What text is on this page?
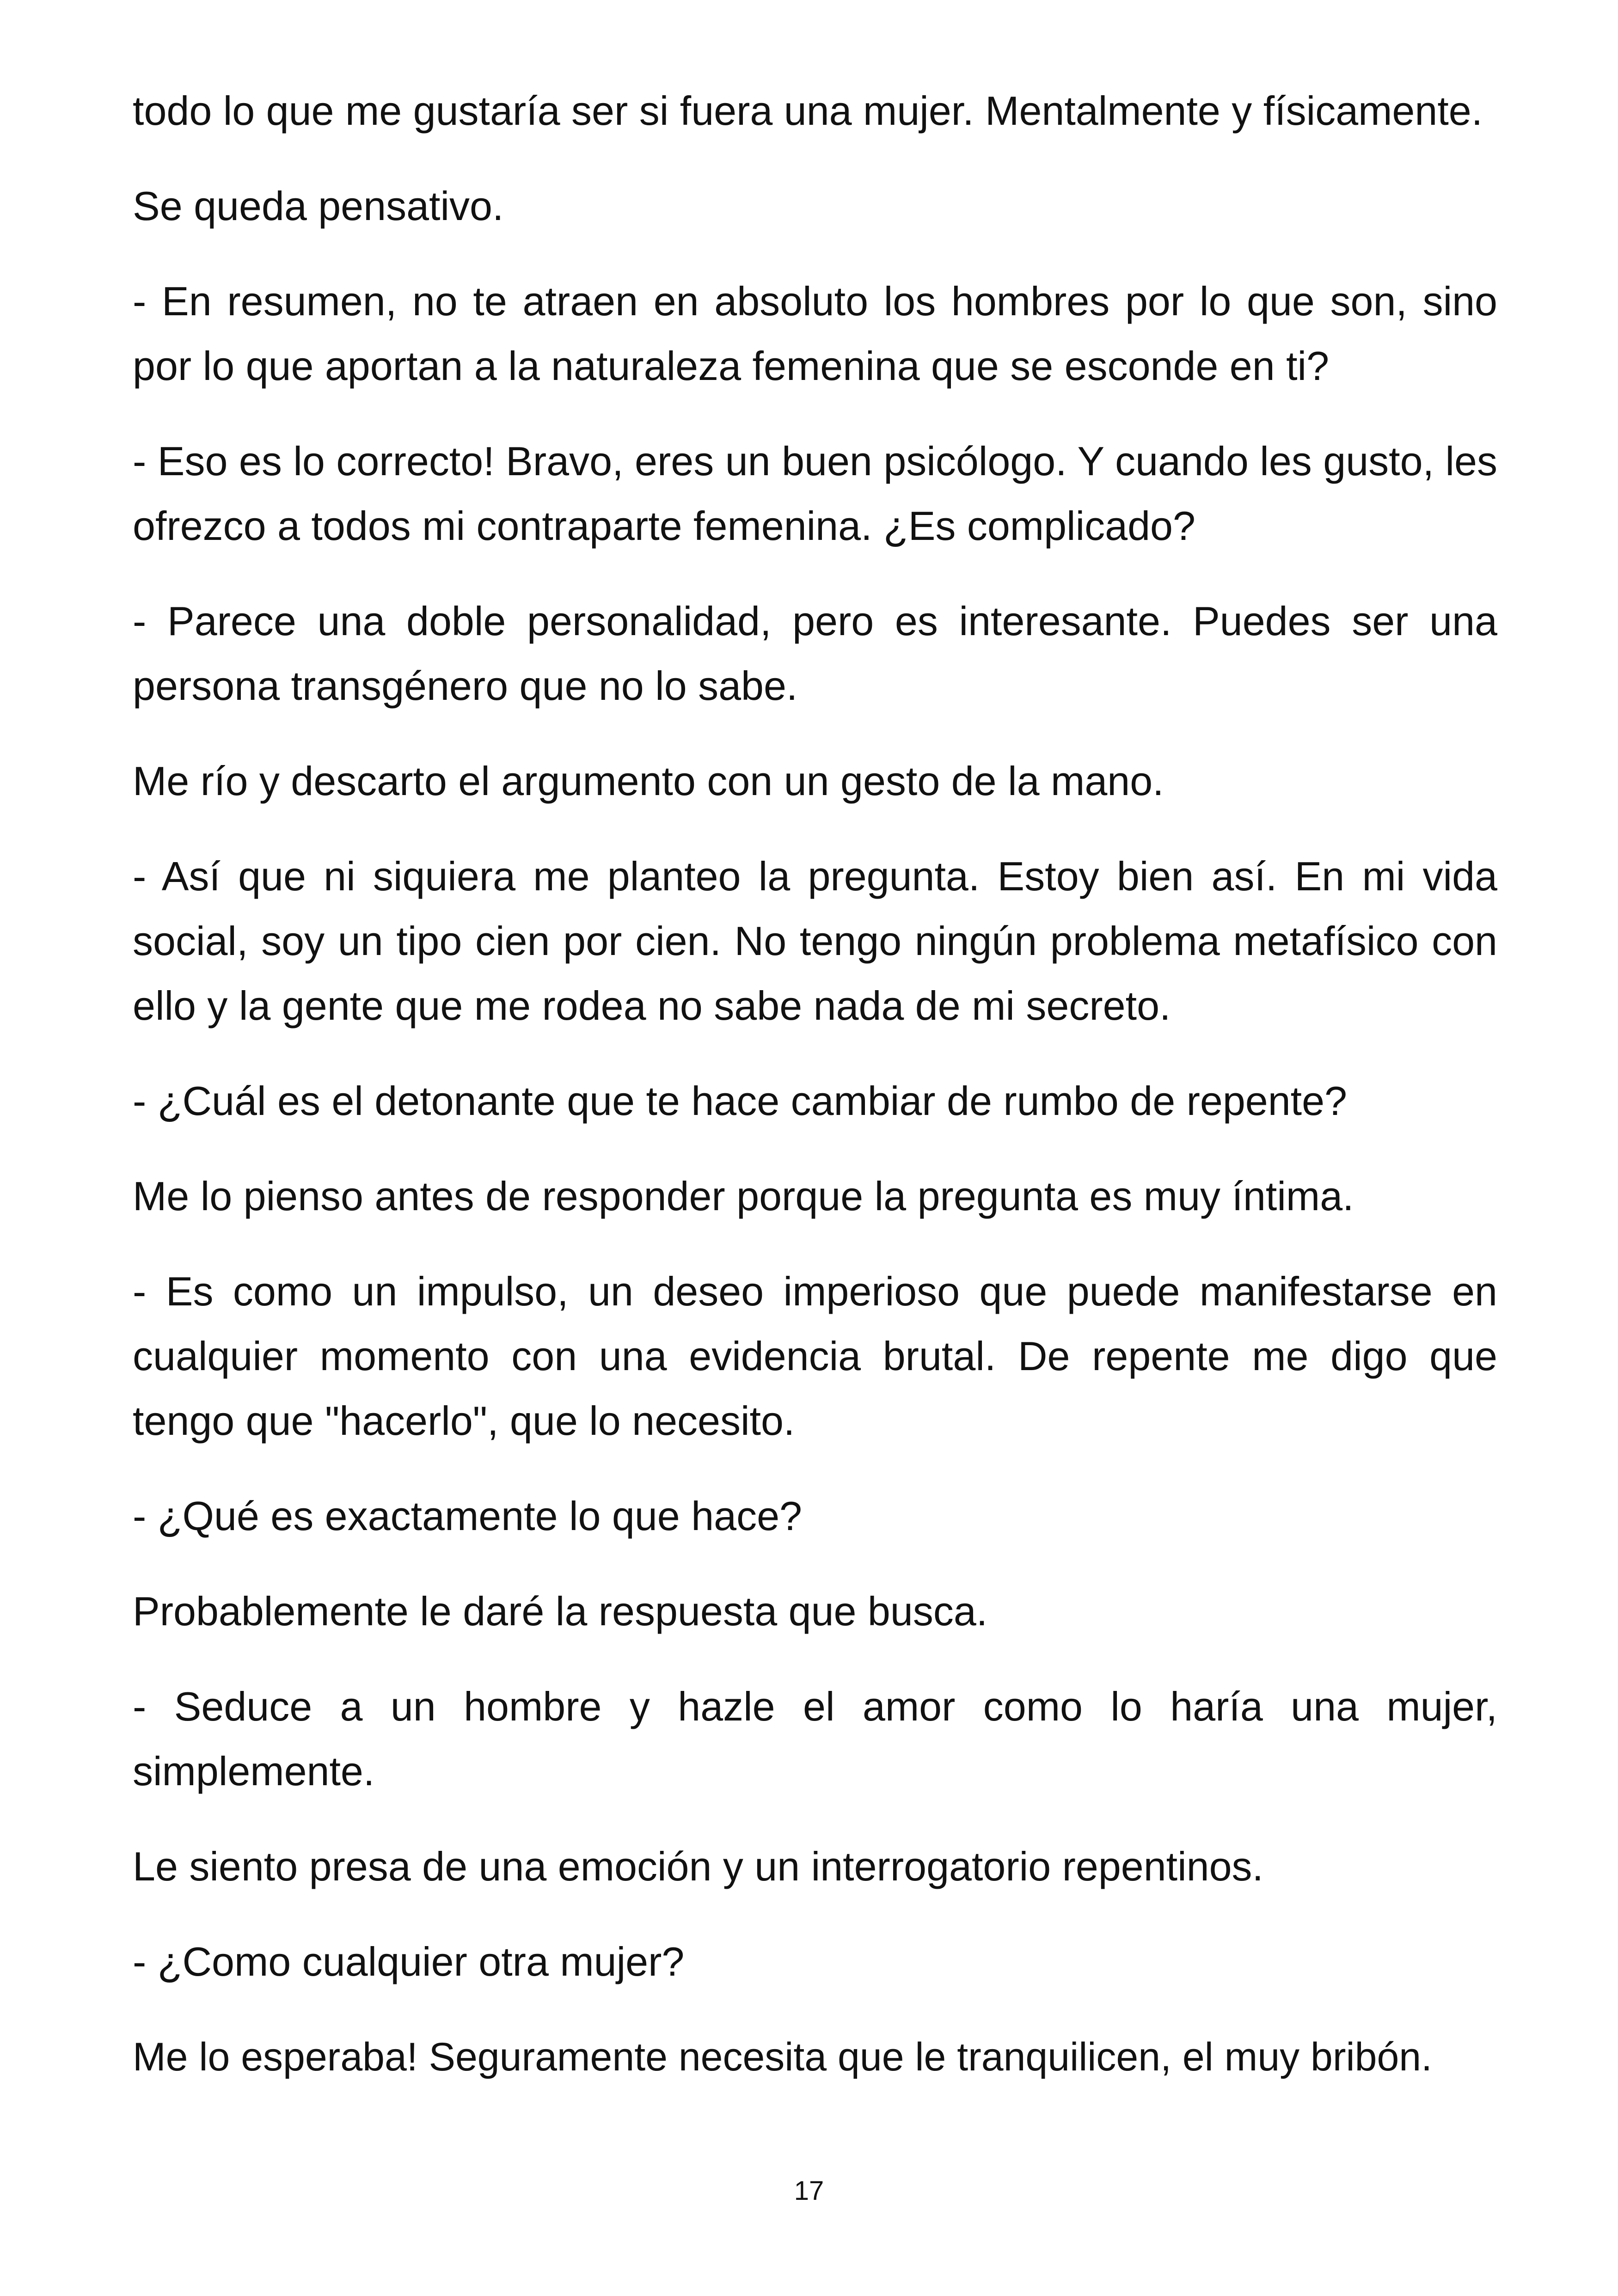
todo lo que me gustaría ser si fuera una mujer. Mentalmente y físicamente.

Se queda pensativo.

- En resumen, no te atraen en absoluto los hombres por lo que son, sino por lo que aportan a la naturaleza femenina que se esconde en ti?

- Eso es lo correcto! Bravo, eres un buen psicólogo. Y cuando les gusto, les ofrezco a todos mi contraparte femenina. ¿Es complicado?

- Parece una doble personalidad, pero es interesante. Puedes ser una persona transgénero que no lo sabe.

Me río y descarto el argumento con un gesto de la mano.

- Así que ni siquiera me planteo la pregunta. Estoy bien así. En mi vida social, soy un tipo cien por cien. No tengo ningún problema metafísico con ello y la gente que me rodea no sabe nada de mi secreto.

- ¿Cuál es el detonante que te hace cambiar de rumbo de repente?

Me lo pienso antes de responder porque la pregunta es muy íntima.

- Es como un impulso, un deseo imperioso que puede manifestarse en cualquier momento con una evidencia brutal. De repente me digo que tengo que "hacerlo", que lo necesito.

- ¿Qué es exactamente lo que hace?

Probablemente le daré la respuesta que busca.

- Seduce a un hombre y hazle el amor como lo haría una mujer, simplemente.

Le siento presa de una emoción y un interrogatorio repentinos.

- ¿Como cualquier otra mujer?

Me lo esperaba! Seguramente necesita que le tranquilicen, el muy bribón.

17
